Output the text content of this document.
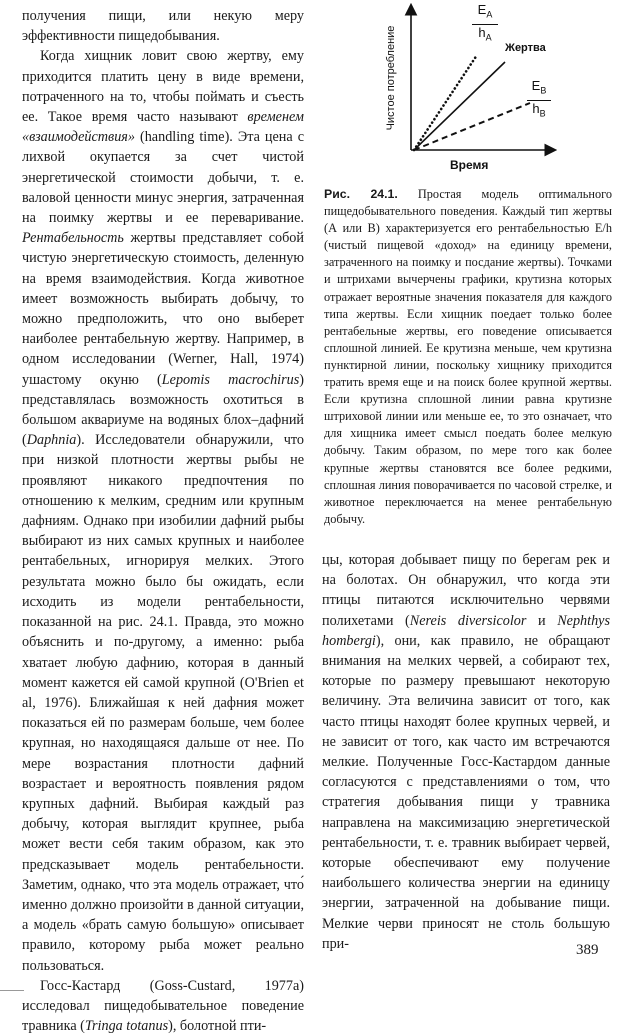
получения пищи, или некую меру эффективности пищедобывания.

Когда хищник ловит свою жертву, ему приходится платить цену в виде времени, потраченного на то, чтобы поймать и съесть ее. Такое время часто называют временем «взаимодействия» (handling time). Эта цена с лихвой окупается за счет чистой энергетической стоимости добычи, т. е. валовой ценности минус энергия, затраченная на поимку жертвы и ее переваривание. Рентабельность жертвы представляет собой чистую энергетическую стоимость, деленную на время взаимодействия. Когда животное имеет возможность выбирать добычу, то можно предположить, что оно выберет наиболее рентабельную жертву. Например, в одном исследовании (Werner, Hall, 1974) ушастому окуню (Lepomis macrochirus) представлялась возможность охотиться в большом аквариуме на водяных блох–дафний (Daphnia). Исследователи обнаружили, что при низкой плотности жертвы рыбы не проявляют никакого предпочтения по отношению к мелким, средним или крупным дафниям. Однако при изобилии дафний рыбы выбирают из них самых крупных и наиболее рентабельных, игнорируя мелких. Этого результата можно было бы ожидать, если исходить из модели рентабельности, показанной на рис. 24.1. Правда, это можно объяснить и по-другому, а именно: рыба хватает любую дафнию, которая в данный момент кажется ей самой крупной (O'Brien et al, 1976). Ближайшая к ней дафния может показаться ей по размерам больше, чем более крупная, но находящаяся дальше от нее. По мере возрастания плотности дафний возрастает и вероятность появления рядом крупных дафний. Выбирая каждый раз добычу, которая выглядит крупнее, рыба может вести себя таким образом, как это предсказывает модель рентабельности. Заметим, однако, что эта модель отражает, что́ именно должно произойти в данной ситуации, а модель «брать самую большую» описывает правило, которому рыба может реально пользоваться.

Госс-Кастард (Goss-Custard, 1977a) исследовал пищедобывательное поведение травника (Tringa totanus), болотной пти-

Чистое потребление
Время
$E_A$
$h_A$
Жертва
$E_B$
$h_B$
Рис. 24.1. Простая модель оптимального пищедобывательного поведения. Каждый тип жертвы (А или В) характеризуется его рентабельностью E/h (чистый пищевой «доход» на единицу времени, затраченного на поимку и посдание жертвы). Точками и штрихами вычерчены графики, крутизна которых отражает вероятные значения показателя для каждого типа жертвы. Если хищник поедает только более рентабельные жертвы, его поведение описывается сплошной линией. Ее крутизна меньше, чем крутизна пунктирной линии, поскольку хищнику приходится тратить время еще и на поиск более крупной жертвы. Если крутизна сплошной линии равна крутизне штриховой линии или меньше ее, то это означает, что для хищника имеет смысл поедать более мелкую добычу. Таким образом, по мере того как более крупные жертвы становятся все более редкими, сплошная линия поворачивается по часовой стрелке, и животное переключается на менее рентабельную добычу.

цы, которая добывает пищу по берегам рек и на болотах. Он обнаружил, что когда эти птицы питаются исключительно червями полихетами (Nereis diversicolor и Nephthys hombergi), они, как правило, не обращают внимания на мелких червей, а собирают тех, которые по размеру превышают некоторую величину. Эта величина зависит от того, как часто птицы находят более крупных червей, и не зависит от того, как часто им встречаются мелкие. Полученные Госс-Кастардом данные согласуются с представлениями о том, что стратегия добывания пищи у травника направлена на максимизацию энергетической рентабельности, т. е. травник выбирает червей, которые обеспечивают ему получение наибольшего количества энергии на единицу энергии, затраченной на добывание пищи. Мелкие черви приносят не столь большую при-	389
